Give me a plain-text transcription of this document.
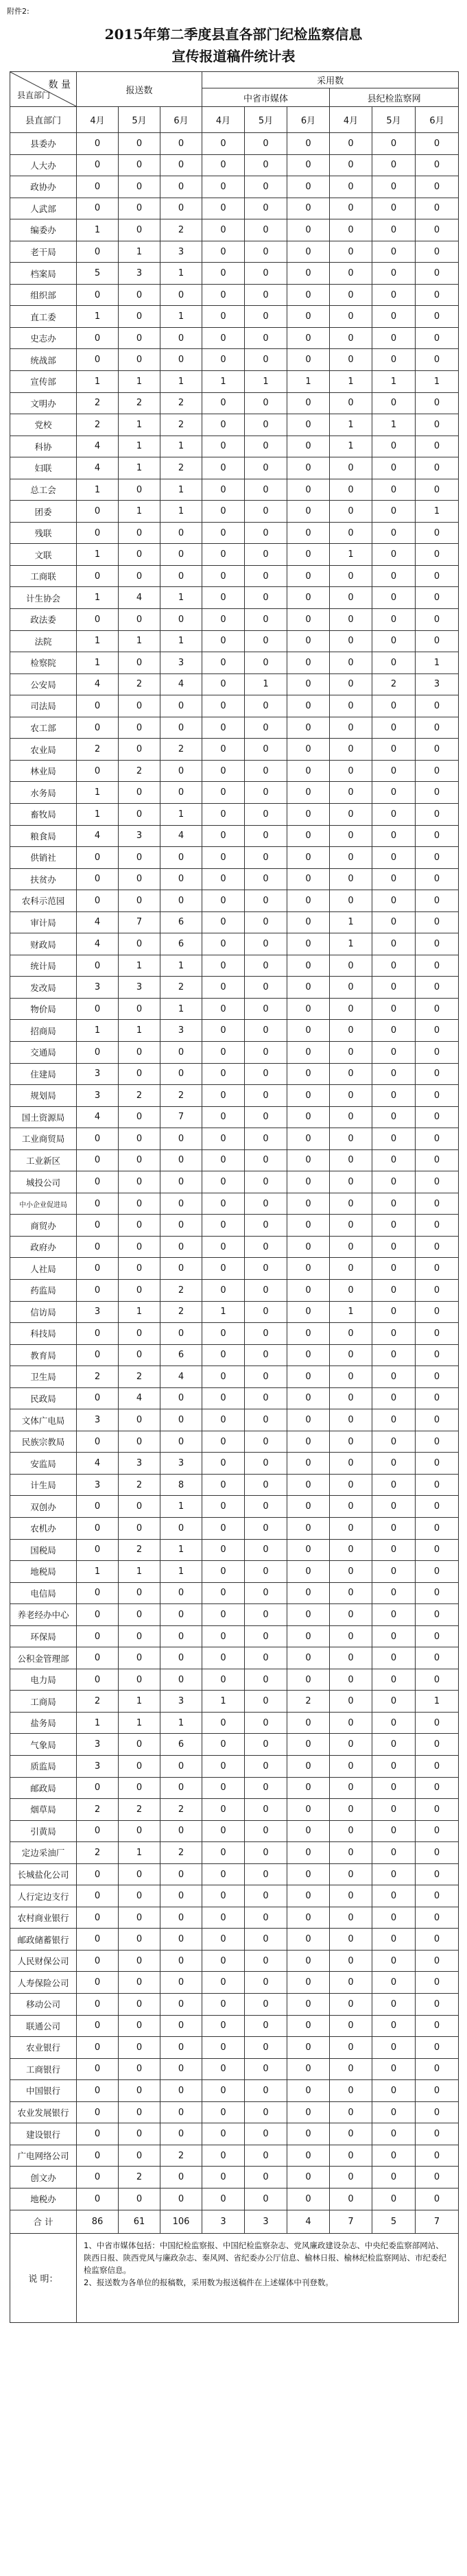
附件2:
2015年第二季度县直各部门纪检监察信息
宣传报道稿件统计表
数 量
县直部门	报送数			采用数					
				中省市媒体			县纪检监察网		
县直部门	4月	5月	6月	4月	5月	6月	4月	5月	6月
县委办	0	0	0	0	0	0	0	0	0
人大办	0	0	0	0	0	0	0	0	0
政协办	0	0	0	0	0	0	0	0	0
人武部	0	0	0	0	0	0	0	0	0
编委办	1	0	2	0	0	0	0	0	0
老干局	0	1	3	0	0	0	0	0	0
档案局	5	3	1	0	0	0	0	0	0
组织部	0	0	0	0	0	0	0	0	0
直工委	1	0	1	0	0	0	0	0	0
史志办	0	0	0	0	0	0	0	0	0
统战部	0	0	0	0	0	0	0	0	0
宣传部	1	1	1	1	1	1	1	1	1
文明办	2	2	2	0	0	0	0	0	0
党校	2	1	2	0	0	0	1	1	0
科协	4	1	1	0	0	0	1	0	0
妇联	4	1	2	0	0	0	0	0	0
总工会	1	0	1	0	0	0	0	0	0
团委	0	1	1	0	0	0	0	0	1
残联	0	0	0	0	0	0	0	0	0
文联	1	0	0	0	0	0	1	0	0
工商联	0	0	0	0	0	0	0	0	0
计生协会	1	4	1	0	0	0	0	0	0
政法委	0	0	0	0	0	0	0	0	0
法院	1	1	1	0	0	0	0	0	0
检察院	1	0	3	0	0	0	0	0	1
公安局	4	2	4	0	1	0	0	2	3
司法局	0	0	0	0	0	0	0	0	0
农工部	0	0	0	0	0	0	0	0	0
农业局	2	0	2	0	0	0	0	0	0
林业局	0	2	0	0	0	0	0	0	0
水务局	1	0	0	0	0	0	0	0	0
畜牧局	1	0	1	0	0	0	0	0	0
粮食局	4	3	4	0	0	0	0	0	0
供销社	0	0	0	0	0	0	0	0	0
扶贫办	0	0	0	0	0	0	0	0	0
农科示范园	0	0	0	0	0	0	0	0	0
审计局	4	7	6	0	0	0	1	0	0
财政局	4	0	6	0	0	0	1	0	0
统计局	0	1	1	0	0	0	0	0	0
发改局	3	3	2	0	0	0	0	0	0
物价局	0	0	1	0	0	0	0	0	0
招商局	1	1	3	0	0	0	0	0	0
交通局	0	0	0	0	0	0	0	0	0
住建局	3	0	0	0	0	0	0	0	0
规划局	3	2	2	0	0	0	0	0	0
国土资源局	4	0	7	0	0	0	0	0	0
工业商贸局	0	0	0	0	0	0	0	0	0
工业新区	0	0	0	0	0	0	0	0	0
城投公司	0	0	0	0	0	0	0	0	0
中小企业促进局	0	0	0	0	0	0	0	0	0
商贸办	0	0	0	0	0	0	0	0	0
政府办	0	0	0	0	0	0	0	0	0
人社局	0	0	0	0	0	0	0	0	0
药监局	0	0	2	0	0	0	0	0	0
信访局	3	1	2	1	0	0	1	0	0
科技局	0	0	0	0	0	0	0	0	0
教育局	0	0	6	0	0	0	0	0	0
卫生局	2	2	4	0	0	0	0	0	0
民政局	0	4	0	0	0	0	0	0	0
文体广电局	3	0	0	0	0	0	0	0	0
民族宗教局	0	0	0	0	0	0	0	0	0
安监局	4	3	3	0	0	0	0	0	0
计生局	3	2	8	0	0	0	0	0	0
双创办	0	0	1	0	0	0	0	0	0
农机办	0	0	0	0	0	0	0	0	0
国税局	0	2	1	0	0	0	0	0	0
地税局	1	1	1	0	0	0	0	0	0
电信局	0	0	0	0	0	0	0	0	0
养老经办中心	0	0	0	0	0	0	0	0	0
环保局	0	0	0	0	0	0	0	0	0
公积金管理部	0	0	0	0	0	0	0	0	0
电力局	0	0	0	0	0	0	0	0	0
工商局	2	1	3	1	0	2	0	0	1
盐务局	1	1	1	0	0	0	0	0	0
气象局	3	0	6	0	0	0	0	0	0
质监局	3	0	0	0	0	0	0	0	0
邮政局	0	0	0	0	0	0	0	0	0
烟草局	2	2	2	0	0	0	0	0	0
引黄局	0	0	0	0	0	0	0	0	0
定边采油厂	2	1	2	0	0	0	0	0	0
长城盐化公司	0	0	0	0	0	0	0	0	0
人行定边支行	0	0	0	0	0	0	0	0	0
农村商业银行	0	0	0	0	0	0	0	0	0
邮政储蓄银行	0	0	0	0	0	0	0	0	0
人民财保公司	0	0	0	0	0	0	0	0	0
人寿保险公司	0	0	0	0	0	0	0	0	0
移动公司	0	0	0	0	0	0	0	0	0
联通公司	0	0	0	0	0	0	0	0	0
农业银行	0	0	0	0	0	0	0	0	0
工商银行	0	0	0	0	0	0	0	0	0
中国银行	0	0	0	0	0	0	0	0	0
农业发展银行	0	0	0	0	0	0	0	0	0
建设银行	0	0	0	0	0	0	0	0	0
广电网络公司	0	0	2	0	0	0	0	0	0
创文办	0	2	0	0	0	0	0	0	0
地税办	0	0	0	0	0	0	0	0	0
合 计	86	61	106	3	3	4	7	5	7
说 明：	1、中省市媒体包括：中国纪检监察报、中国纪检监察杂志、党风廉政建设杂志、中央纪委监察部网站、陕西日报、陕西党风与廉政杂志、秦风网、省纪委办公厅信息、榆林日报、榆林纪检监察网站、市纪委纪检监察信息。
2、报送数为各单位的报稿数，采用数为报送稿件在上述媒体中刊登数。								
